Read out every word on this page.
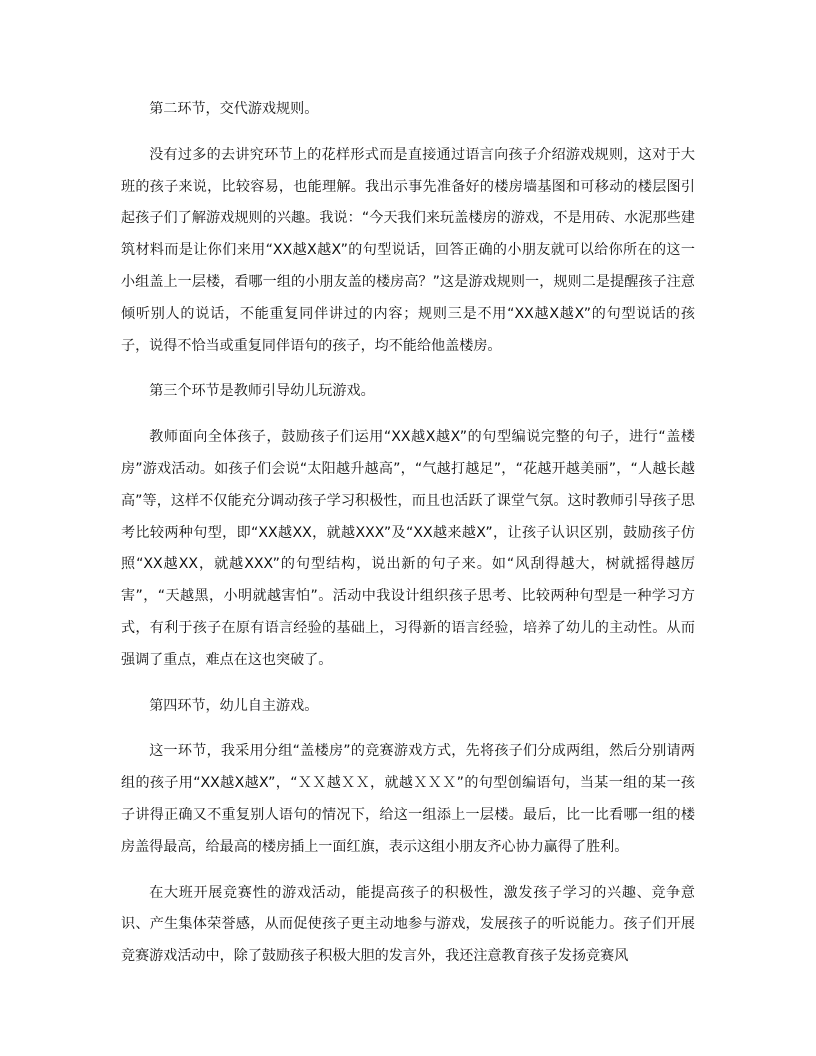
第二环节，交代游戏规则。

没有过多的去讲究环节上的花样形式而是直接通过语言向孩子介绍游戏规则，这对于大班的孩子来说，比较容易，也能理解。我出示事先准备好的楼房墙基图和可移动的楼层图引起孩子们了解游戏规则的兴趣。我说：“今天我们来玩盖楼房的游戏，不是用砖、水泥那些建筑材料而是让你们来用“XX越X越X”的句型说话，回答正确的小朋友就可以给你所在的这一小组盖上一层楼，看哪一组的小朋友盖的楼房高？”这是游戏规则一，规则二是提醒孩子注意倾听别人的说话，不能重复同伴讲过的内容；规则三是不用“XX越X越X”的句型说话的孩子，说得不恰当或重复同伴语句的孩子，均不能给他盖楼房。

第三个环节是教师引导幼儿玩游戏。

教师面向全体孩子，鼓励孩子们运用“XX越X越X”的句型编说完整的句子，进行“盖楼房”游戏活动。如孩子们会说“太阳越升越高”，“气越打越足”，“花越开越美丽”，“人越长越高”等，这样不仅能充分调动孩子学习积极性，而且也活跃了课堂气氛。这时教师引导孩子思考比较两种句型，即“XX越XX，就越XXX”及“XX越来越X”，让孩子认识区别，鼓励孩子仿照“XX越XX，就越XXX”的句型结构，说出新的句子来。如“风刮得越大，树就摇得越厉害”，“天越黑，小明就越害怕”。活动中我设计组织孩子思考、比较两种句型是一种学习方式，有利于孩子在原有语言经验的基础上，习得新的语言经验，培养了幼儿的主动性。从而强调了重点，难点在这也突破了。

第四环节，幼儿自主游戏。

这一环节，我采用分组“盖楼房”的竞赛游戏方式，先将孩子们分成两组，然后分别请两组的孩子用“XX越X越X”，“ＸＸ越ＸＸ，就越ＸＸＸ”的句型创编语句，当某一组的某一孩子讲得正确又不重复别人语句的情况下，给这一组添上一层楼。最后，比一比看哪一组的楼房盖得最高，给最高的楼房插上一面红旗，表示这组小朋友齐心协力赢得了胜利。

在大班开展竞赛性的游戏活动，能提高孩子的积极性，激发孩子学习的兴趣、竞争意识、产生集体荣誉感，从而促使孩子更主动地参与游戏，发展孩子的听说能力。孩子们开展竞赛游戏活动中，除了鼓励孩子积极大胆的发言外，我还注意教育孩子发扬竞赛风
